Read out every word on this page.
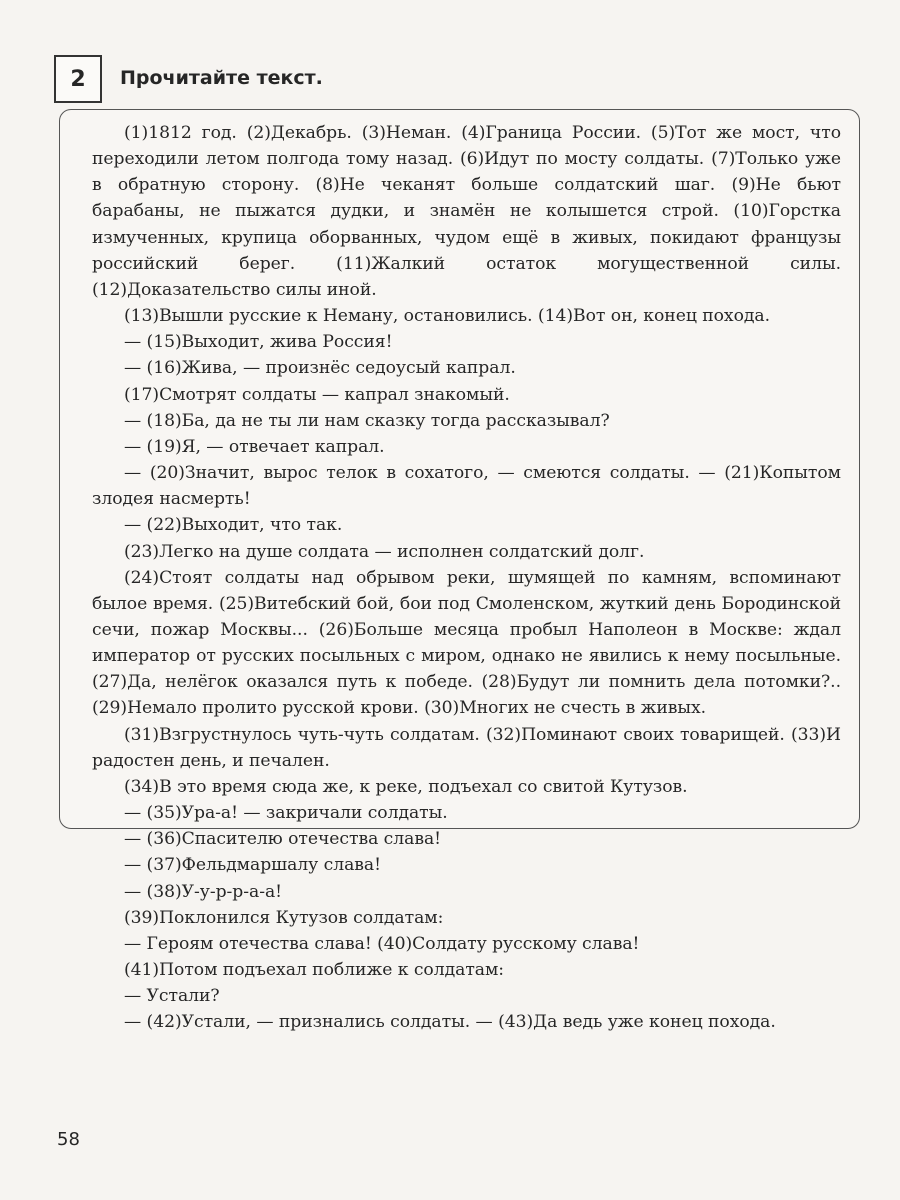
2	Прочитайте текст.

(1)1812 год. (2)Декабрь. (3)Неман. (4)Граница России. (5)Тот же мост, что переходили летом полгода тому назад. (6)Идут по мосту солдаты. (7)Только уже в обратную сторону. (8)Не чеканят больше солдатский шаг. (9)Не бьют барабаны, не пыжатся дудки, и знамён не колышется строй. (10)Горстка измученных, крупица оборванных, чудом ещё в живых, покидают французы российский берег. (11)Жалкий остаток могущественной силы. (12)Доказательство силы иной.

(13)Вышли русские к Неману, остановились. (14)Вот он, конец похода.

— (15)Выходит, жива Россия!

— (16)Жива, — произнёс седоусый капрал.

(17)Смотрят солдаты — капрал знакомый.

— (18)Ба, да не ты ли нам сказку тогда рассказывал?

— (19)Я, — отвечает капрал.

— (20)Значит, вырос телок в сохатого, — смеются солдаты. — (21)Копытом злодея насмерть!

— (22)Выходит, что так.

(23)Легко на душе солдата — исполнен солдатский долг.

(24)Стоят солдаты над обрывом реки, шумящей по камням, вспоминают былое время. (25)Витебский бой, бои под Смоленском, жуткий день Бородинской сечи, пожар Москвы... (26)Больше месяца пробыл Наполеон в Москве: ждал император от русских посыльных с миром, однако не явились к нему посыльные. (27)Да, нелёгок оказался путь к победе. (28)Будут ли помнить дела потомки?.. (29)Немало пролито русской крови. (30)Многих не счесть в живых.

(31)Взгрустнулось чуть-чуть солдатам. (32)Поминают своих товарищей. (33)И радостен день, и печален.

(34)В это время сюда же, к реке, подъехал со свитой Кутузов.

— (35)Ура-а! — закричали солдаты.

— (36)Спасителю отечества слава!

— (37)Фельдмаршалу слава!

— (38)У-у-р-р-а-а!

(39)Поклонился Кутузов солдатам:

— Героям отечества слава! (40)Солдату русскому слава!

(41)Потом подъехал поближе к солдатам:

— Устали?

— (42)Устали, — признались солдаты. — (43)Да ведь уже конец похода.

58
